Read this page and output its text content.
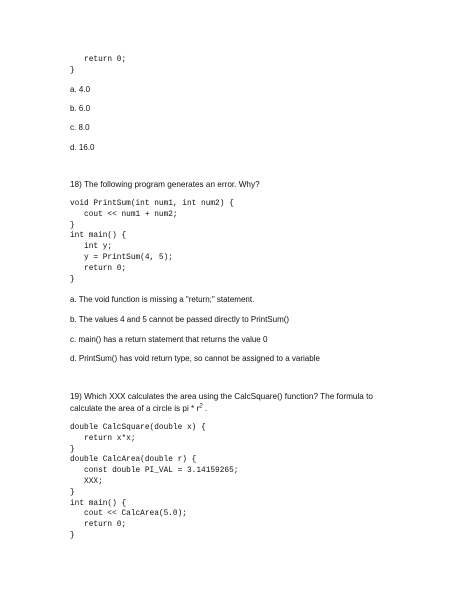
return 0;
}

a. 4.0

b. 6.0

c. 8.0

d. 16.0

18) The following program generates an error. Why?

void PrintSum(int num1, int num2) {
cout << num1 + num2;
}
int main() {
int y;
y = PrintSum(4, 5);
return 0;
}

a. The void function is missing a "return;" statement.

b. The values 4 and 5 cannot be passed directly to PrintSum()

c. main() has a return statement that returns the value 0

d. PrintSum() has void return type, so cannot be assigned to a variable

19) Which XXX calculates the area using the CalcSquare() function? The formula to

calculate the area of a circle is pi * $r^2$ .

double CalcSquare(double x) {
return x*x;
}
double CalcArea(double r) {
const double PI_VAL = 3.14159265;
XXX;
}
int main() {
cout << CalcArea(5.0);
return 0;
}
